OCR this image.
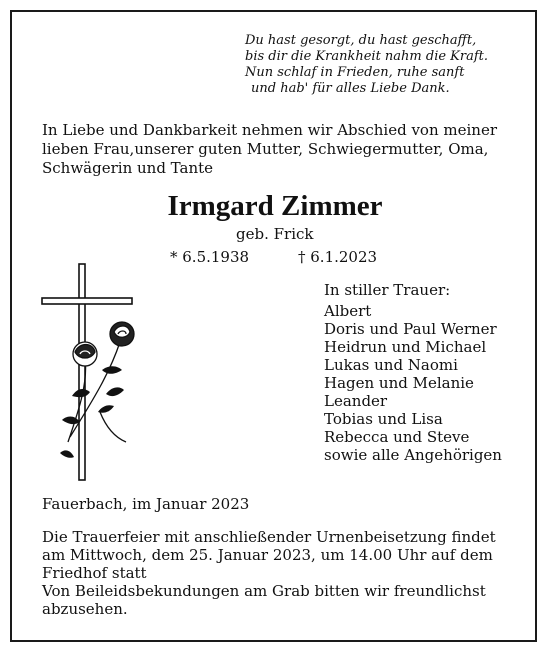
Du hast gesorgt, du hast geschafft,
bis dir die Krankheit nahm die Kraft.
Nun schlaf in Frieden, ruhe sanft
und hab' für alles Liebe Dank.
In Liebe und Dankbarkeit nehmen wir Abschied von meiner lieben Frau,unserer guten Mutter, Schwiegermutter, Oma, Schwägerin und Tante
Irmgard Zimmer
geb. Frick
* 6.5.1938	† 6.1.2023
In stiller Trauer:
Albert
Doris und Paul Werner
Heidrun und Michael
Lukas und Naomi
Hagen und Melanie
Leander
Tobias und Lisa
Rebecca und Steve
sowie alle Angehörigen
Fauerbach, im Januar 2023
Die Trauerfeier mit anschließender Urnenbeisetzung findet
am Mittwoch, dem 25. Januar 2023, um 14.00 Uhr auf dem
Friedhof statt
Von Beileidsbekundungen am Grab bitten wir freundlichst
abzusehen.
